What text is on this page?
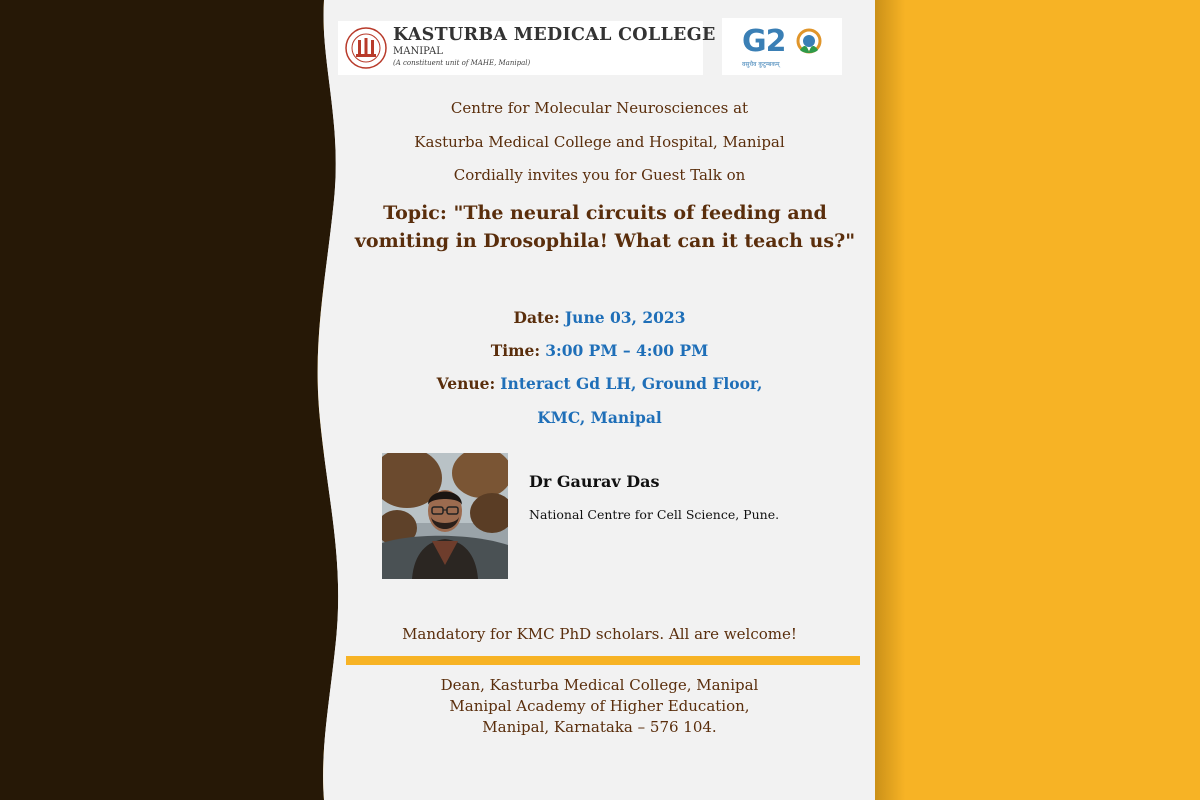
KASTURBA MEDICAL COLLEGE
MANIPAL
(A constituent unit of MAHE, Manipal)
G2
वसुधैव कुटुम्बकम्
Centre for Molecular Neurosciences at
Kasturba Medical College and Hospital, Manipal
Cordially invites you for Guest Talk on
Topic: "The neural circuits of feeding and vomiting in Drosophila! What can it teach us?"
Date: June 03, 2023
Time: 3:00 PM – 4:00 PM
Venue: Interact Gd LH, Ground Floor,
KMC, Manipal
Dr Gaurav Das
National Centre for Cell Science, Pune.
Mandatory for KMC PhD scholars. All are welcome!
Dean, Kasturba Medical College, Manipal
Manipal Academy of Higher Education,
Manipal, Karnataka – 576 104.
